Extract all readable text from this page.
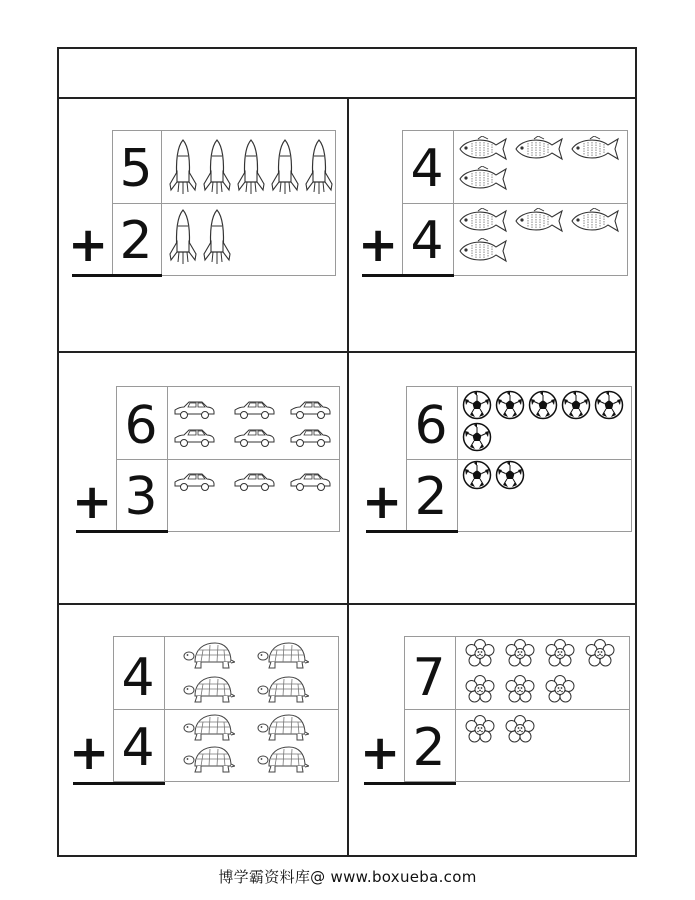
5
2
+
4
4
+
6
3
+
6
2
+
4
4
+
7
2
+
博学霸资料库@ www.boxueba.com
